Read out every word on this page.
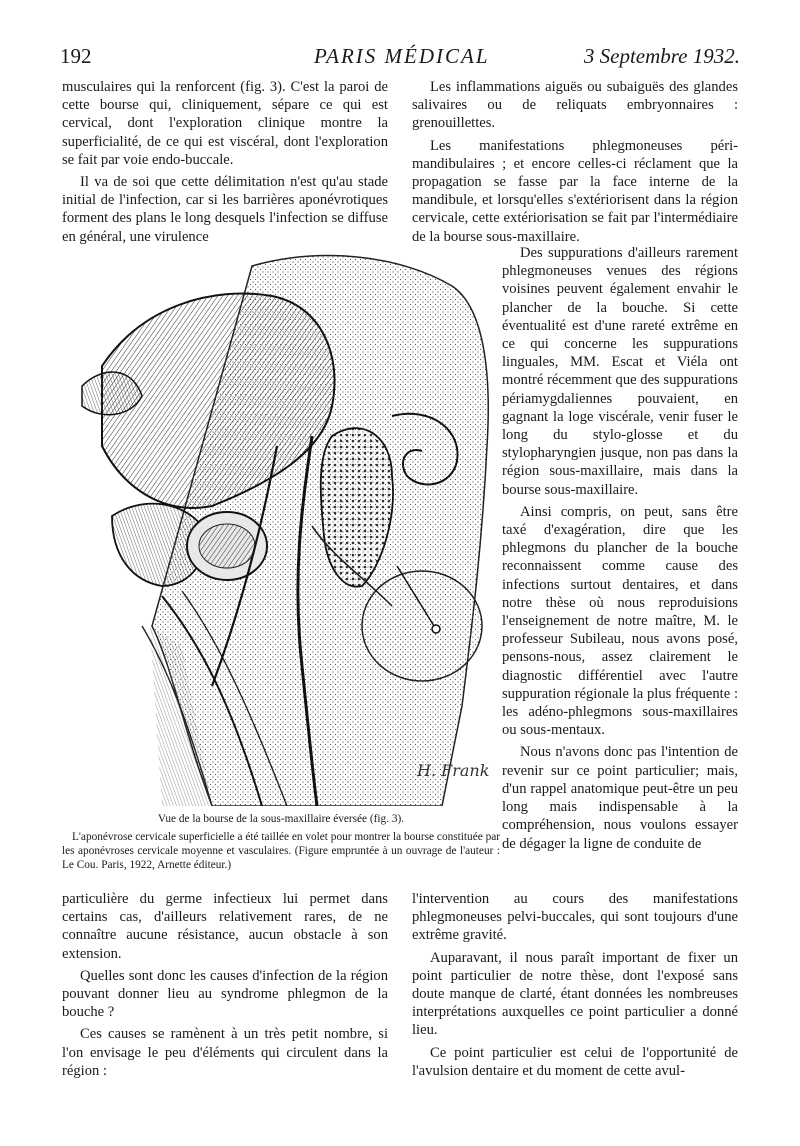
192	PARIS MÉDICAL	3 Septembre 1932.

musculaires qui la renforcent (fig. 3). C'est la paroi de cette bourse qui, cliniquement, sépare ce qui est cervical, dont l'exploration clinique montre la superficialité, de ce qui est viscéral, dont l'exploration se fait par voie endo-buccale.

Il va de soi que cette délimitation n'est qu'au stade initial de l'infection, car si les barrières aponévrotiques forment des plans le long desquels l'infection se diffuse en général, une virulence

Les inflammations aiguës ou subaiguës des glandes salivaires ou de reliquats embryonnaires : grenouillettes.

Les manifestations phlegmoneuses péri-mandibulaires ; et encore celles-ci réclament que la propagation se fasse par la face interne de la mandibule, et lorsqu'elles s'extériorisent dans la région cervicale, cette extériorisation se fait par l'intermédiaire de la bourse sous-maxillaire.

H. Frank

Des suppurations d'ailleurs rarement phlegmoneuses venues des régions voisines peuvent également envahir le plancher de la bouche. Si cette éventualité est d'une rareté extrême en ce qui concerne les suppurations linguales, MM. Escat et Viéla ont montré récemment que des suppurations périamygdaliennes pouvaient, en gagnant la loge viscérale, venir fuser le long du stylo-glosse et du stylopharyngien jusque, non pas dans la région sous-maxillaire, mais dans la bourse sous-maxillaire.

Ainsi compris, on peut, sans être taxé d'exagération, dire que les phlegmons du plancher de la bouche reconnaissent comme cause des infections surtout dentaires, et dans notre thèse où nous reproduisions l'enseignement de notre maître, M. le professeur Subileau, nous avons posé, pensons-nous, assez clairement le diagnostic différentiel avec l'autre suppuration régionale la plus fréquente : les adéno-phlegmons sous-maxillaires ou sous-mentaux.

Nous n'avons donc pas l'intention de revenir sur ce point particulier; mais, d'un rappel anatomique peut-être un peu long mais indispensable à la compréhension, nous voulons essayer de dégager la ligne de conduite de

Vue de la bourse de la sous-maxillaire éversée (fig. 3).
L'aponévrose cervicale superficielle a été taillée en volet pour montrer la bourse constituée par les aponévroses cervicale moyenne et vasculaires. (Figure empruntée à un ouvrage de l'auteur : Le Cou. Paris, 1922, Arnette éditeur.)

particulière du germe infectieux lui permet dans certains cas, d'ailleurs relativement rares, de ne connaître aucune résistance, aucun obstacle à son extension.

Quelles sont donc les causes d'infection de la région pouvant donner lieu au syndrome phlegmon de la bouche ?

Ces causes se ramènent à un très petit nombre, si l'on envisage le peu d'éléments qui circulent dans la région :

l'intervention au cours des manifestations phlegmoneuses pelvi-buccales, qui sont toujours d'une extrême gravité.

Auparavant, il nous paraît important de fixer un point particulier de notre thèse, dont l'exposé sans doute manque de clarté, étant données les nombreuses interprétations auxquelles ce point particulier a donné lieu.

Ce point particulier est celui de l'opportunité de l'avulsion dentaire et du moment de cette avul-
